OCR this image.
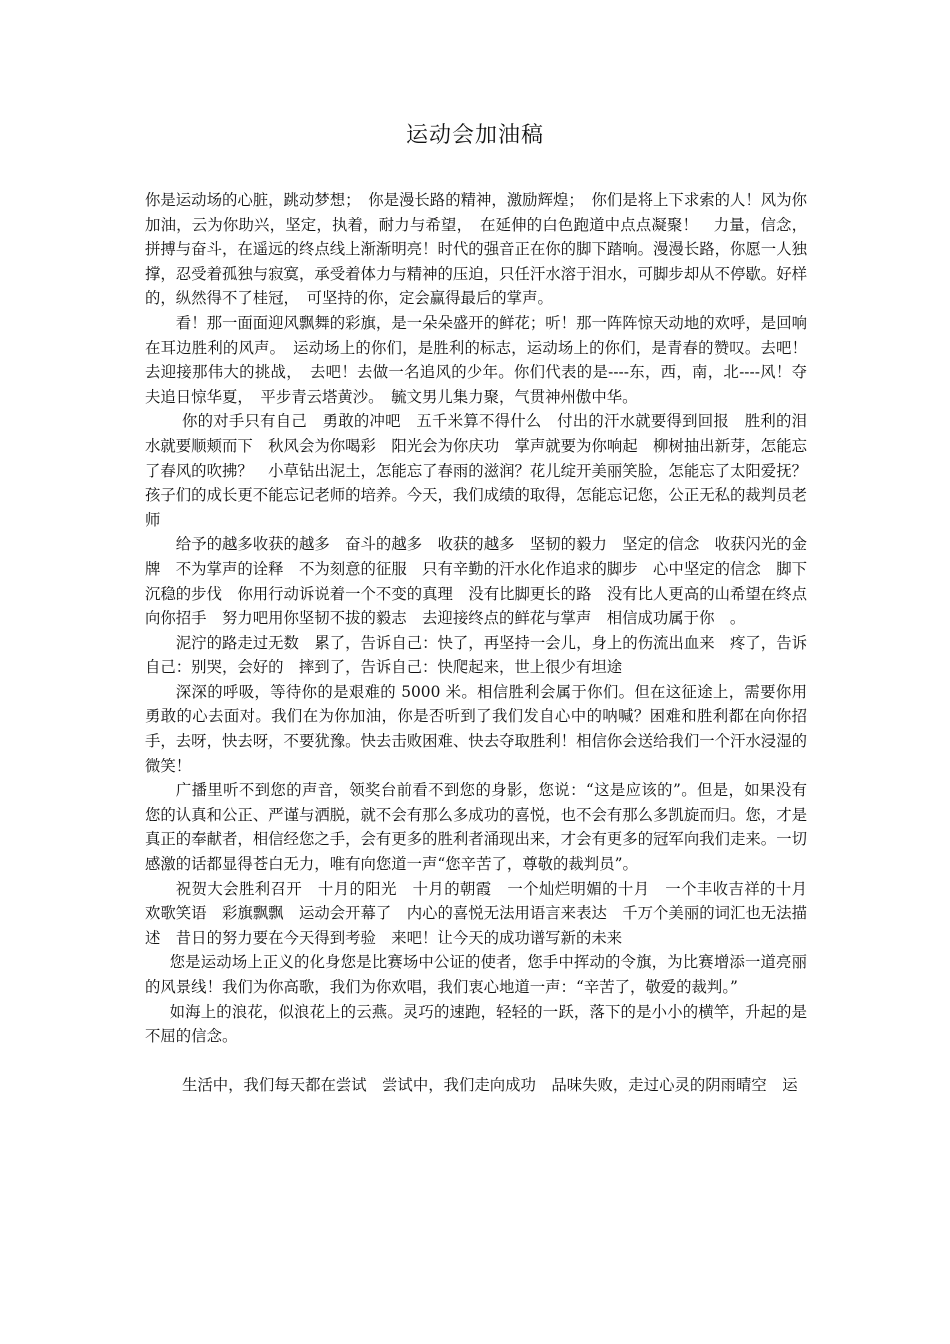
运动会加油稿

你是运动场的心脏，跳动梦想；　你是漫长路的精神，激励辉煌；　你们是将上下求索的人！风为你加油，云为你助兴，坚定，执着，耐力与希望，　在延伸的白色跑道中点点凝聚！　力量，信念，拼搏与奋斗，在遥远的终点线上渐渐明亮！时代的强音正在你的脚下踏响。漫漫长路，你愿一人独撑，忍受着孤独与寂寞，承受着体力与精神的压迫，只任汗水溶于泪水，可脚步却从不停歇。好样的，纵然得不了桂冠，　可坚持的你，定会赢得最后的掌声。

看！那一面面迎风飘舞的彩旗，是一朵朵盛开的鲜花；听！那一阵阵惊天动地的欢呼，是回响在耳边胜利的风声。　运动场上的你们，是胜利的标志，运动场上的你们，是青春的赞叹。去吧！去迎接那伟大的挑战，　去吧！去做一名追风的少年。你们代表的是----东，西，南，北----风！夺夫追日惊华夏，　平步青云塔黄沙。　毓文男儿集力聚，气贯神州傲中华。

你的对手只有自己　勇敢的冲吧　五千米算不得什么　付出的汗水就要得到回报　胜利的泪水就要顺颊而下　秋风会为你喝彩　阳光会为你庆功　掌声就要为你响起　柳树抽出新芽，怎能忘了春风的吹拂？　小草钻出泥土，怎能忘了春雨的滋润？花儿绽开美丽笑脸，怎能忘了太阳爱抚？　孩子们的成长更不能忘记老师的培养。今天，我们成绩的取得，怎能忘记您，公正无私的裁判员老师

给予的越多收获的越多　奋斗的越多　收获的越多　坚韧的毅力　坚定的信念　收获闪光的金牌　不为掌声的诠释　不为刻意的征服　只有辛勤的汗水化作追求的脚步　心中坚定的信念　脚下沉稳的步伐　你用行动诉说着一个不变的真理　没有比脚更长的路　没有比人更高的山希望在终点向你招手　努力吧用你坚韧不拔的毅志　去迎接终点的鲜花与掌声　相信成功属于你　。

泥泞的路走过无数　累了，告诉自己：快了，再坚持一会儿，身上的伤流出血来　疼了，告诉自己：别哭，会好的　摔到了，告诉自己：快爬起来，世上很少有坦途

深深的呼吸，等待你的是艰难的 5000 米。相信胜利会属于你们。但在这征途上，需要你用勇敢的心去面对。我们在为你加油，你是否听到了我们发自心中的呐喊？困难和胜利都在向你招手，去呀，快去呀，不要犹豫。快去击败困难、快去夺取胜利！相信你会送给我们一个汗水浸湿的微笑！

广播里听不到您的声音，领奖台前看不到您的身影，您说：“这是应该的”。但是，如果没有您的认真和公正、严谨与洒脱，就不会有那么多成功的喜悦，也不会有那么多凯旋而归。您，才是真正的奉献者，相信经您之手，会有更多的胜利者涌现出来，才会有更多的冠军向我们走来。一切感激的话都显得苍白无力，唯有向您道一声“您辛苦了，尊敬的裁判员”。

祝贺大会胜利召开　十月的阳光　十月的朝霞　一个灿烂明媚的十月　一个丰收吉祥的十月　欢歌笑语　彩旗飘飘　运动会开幕了　内心的喜悦无法用语言来表达　千万个美丽的词汇也无法描述　昔日的努力要在今天得到考验　来吧！让今天的成功谱写新的未来

您是运动场上正义的化身您是比赛场中公证的使者，您手中挥动的令旗，为比赛增添一道亮丽的风景线！我们为你高歌，我们为你欢唱，我们衷心地道一声：“辛苦了，敬爱的裁判。”

如海上的浪花，似浪花上的云燕。灵巧的速跑，轻轻的一跃，落下的是小小的横竿，升起的是不屈的信念。

生活中，我们每天都在尝试　尝试中，我们走向成功　品味失败，走过心灵的阴雨晴空　运
